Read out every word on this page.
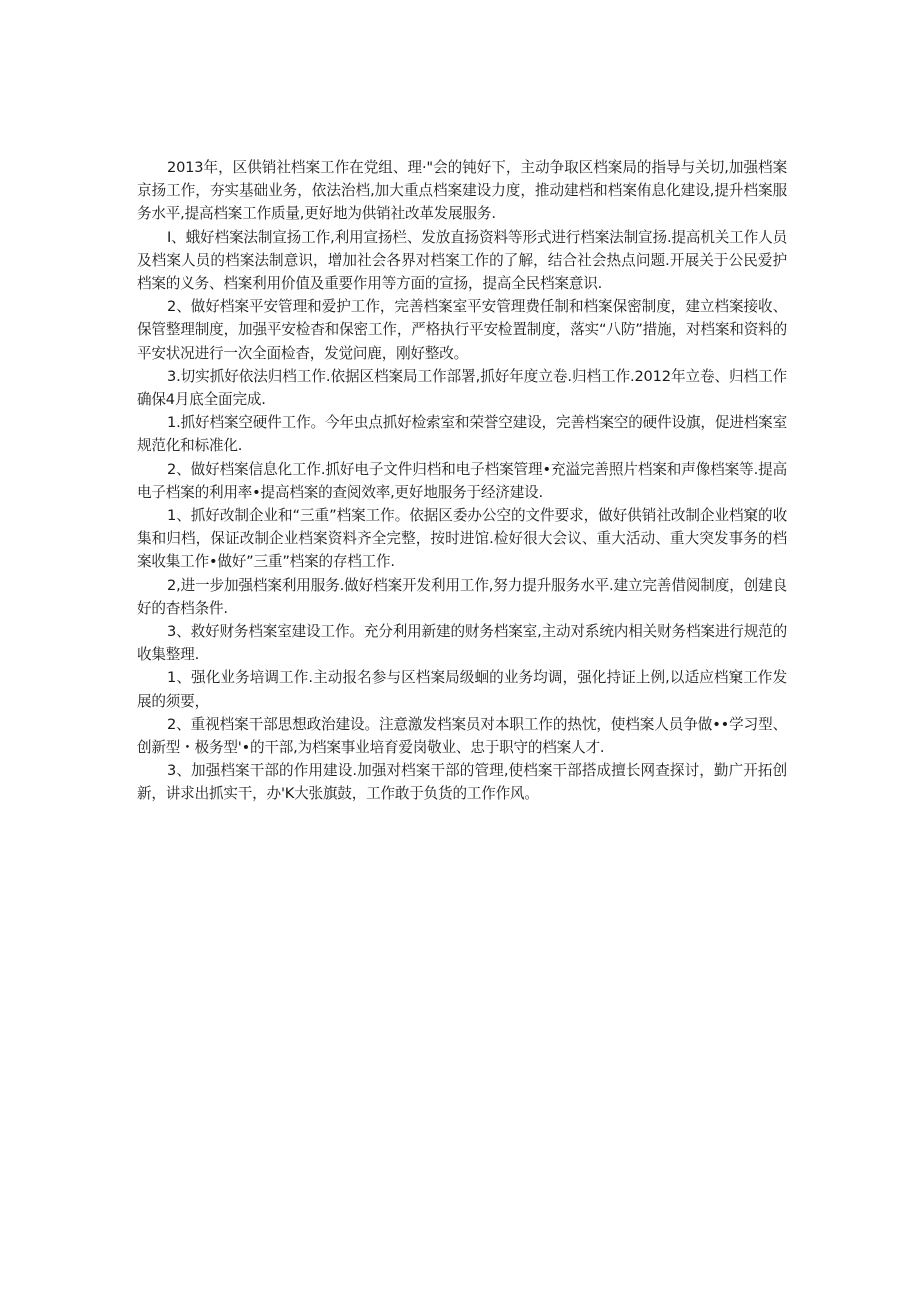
2013年，区供销社档案工作在党组、理·"会的钝好下，主动争取区档案局的指导与关切,加强档案京扬工作，夯实基础业务，依法治档,加大重点档案建设力度，推动建档和档案侑息化建设,提升档案服务水平,提高档案工作质量,更好地为供销社改革发展服务.

I、蛾好档案法制宣扬工作,利用宣扬栏、发放直扬资料等形式进行档案法制宣扬.提高机关工作人员及档案人员的档案法制意识，增加社会各界对档案工作的了解，结合社会热点问题.开展关于公民爱护档案的义务、档案利用价值及重要作用等方面的宣扬，提高全民档案意识.

2、做好档案平安管理和爱护工作，完善档案室平安管理费任制和档案保密制度，建立档案接收、保管整理制度，加强平安检杳和保密工作，严格执行平安检置制度，落实“八防”措施，对档案和资料的平安状况进行一次全面检杳，发觉问鹿，刚好整改。

3.切实抓好依法归档工作.依据区档案局工作部署,抓好年度立卷.归档工作.2012年立卷、归档工作确保4月底全面完成.

1.抓好档案空硬件工作。今年虫点抓好检索室和荣誉空建设，完善档案空的硬件设旗，促进档案室规范化和标准化.

2、做好档案信息化工作.抓好电子文件归档和电子档案管理•充溢完善照片档案和声像档案等.提高电子档案的利用率•提高档案的查阅效率,更好地服务于经济建设.

1、抓好改制企业和“三重”档案工作。依据区委办公空的文件要求，做好供销社改制企业档窠的收集和归档，保证改制企业档案资料齐全完整，按时进馆.检好很大会议、重大活动、重大突发事务的档案收集工作•做好”三重”档案的存档工作.

2,进一步加强档案利用服务.做好档案开发利用工作,努力提升服务水平.建立完善借阅制度，创建良好的杳档条件.

3、救好财务档案室建设工作。充分利用新建的财务档案室,主动对系统内相关财务档案进行规范的收集整理.

1、强化业务培调工作.主动报名参与区档案局级蛔的业务均调，强化持证上例,以适应档窠工作发展的须要，

2、重视档案干部思想政治建设。注意激发档案员对本职工作的热忱，使档案人员争做••学习型、创新型・极务型'•的干部,为档案事业培育爱岗敬业、忠于职守的档案人才.

3、加强档案干部的作用建设.加强对档案干部的管理,使档案干部搭成擅长网查探讨，勤广开拓创新，讲求出抓实干，办'K大张旗鼓，工作敢于负货的工作作风。
